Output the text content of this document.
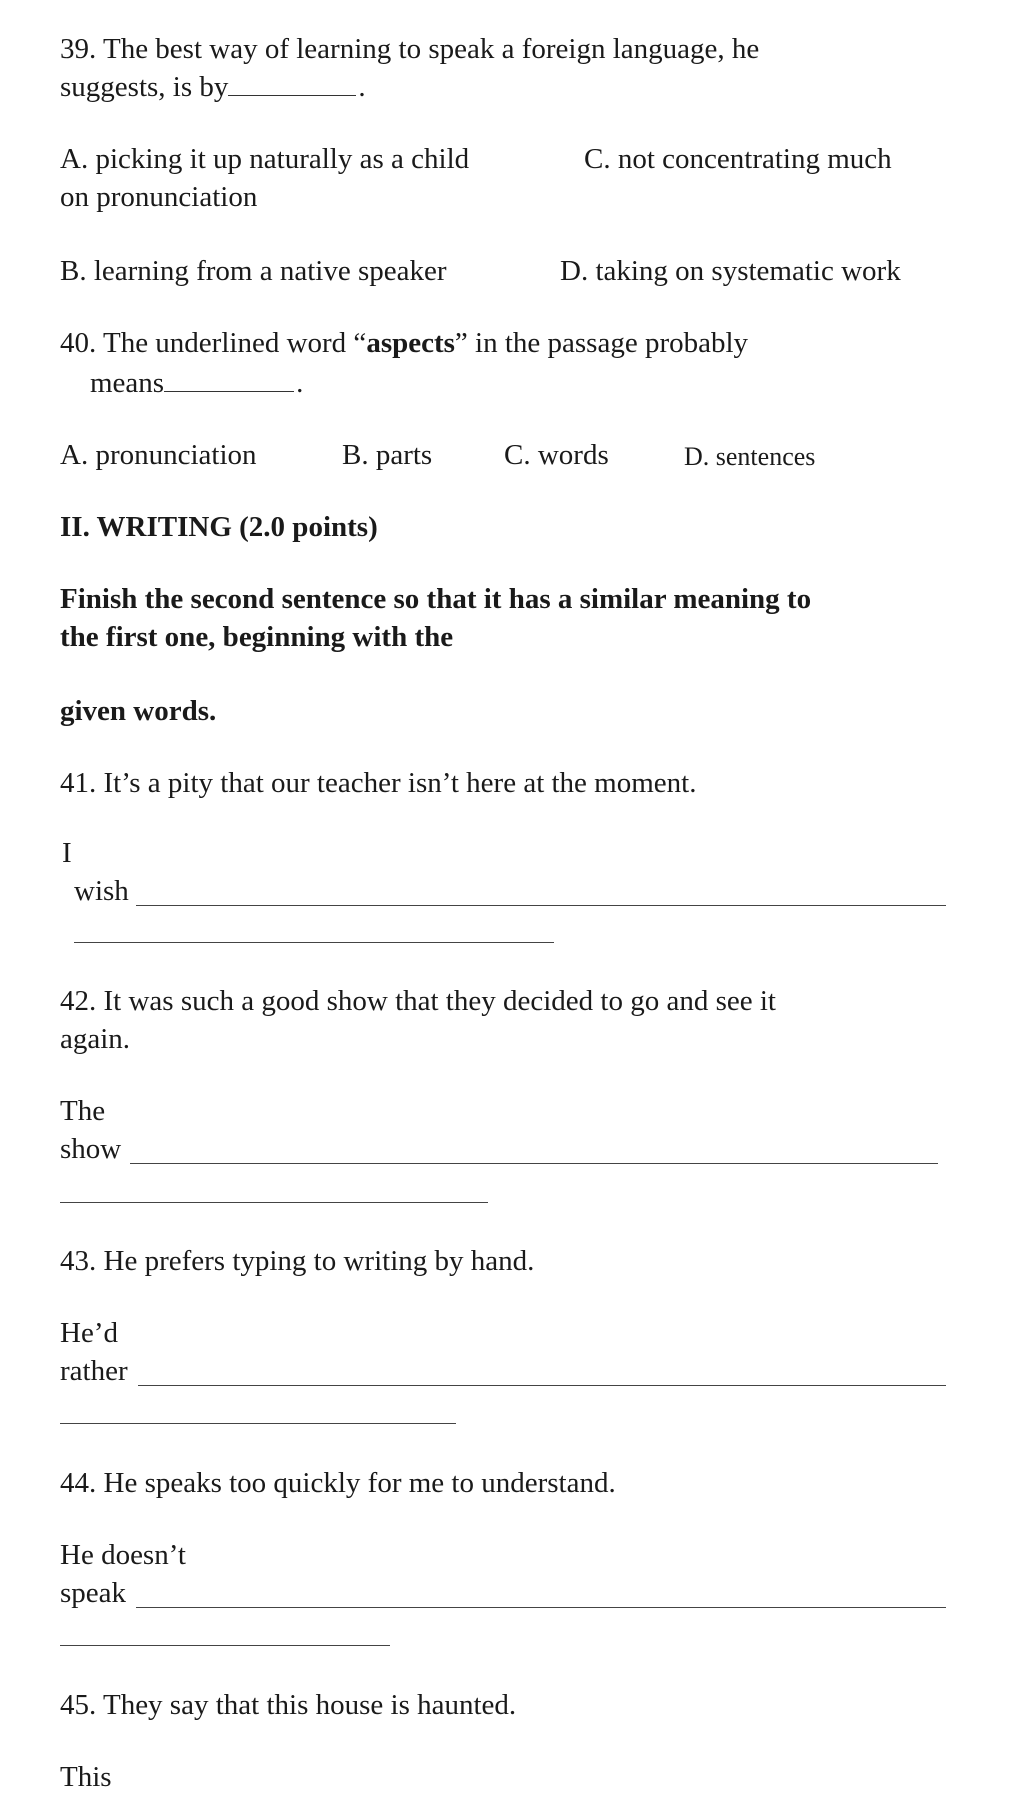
39. The best way of learning to speak a foreign language, he
suggests, is by	.
A. picking it up naturally as a child	C. not concentrating much
on pronunciation
B. learning from a native speaker	D. taking on systematic work
40. The underlined word “aspects” in the passage probably
means	.
A. pronunciation	B. parts C. words	D. sentences
II. WRITING (2.0 points)
Finish the second sentence so that it has a similar meaning to
the first one, beginning with the
given words.
41. It’s a pity that our teacher isn’t here at the moment.
I
wish
42. It was such a good show that they decided to go and see it
again.
The
show
43. He prefers typing to writing by hand.
He’d
rather
44. He speaks too quickly for me to understand.
He doesn’t
speak
45. They say that this house is haunted.
This
